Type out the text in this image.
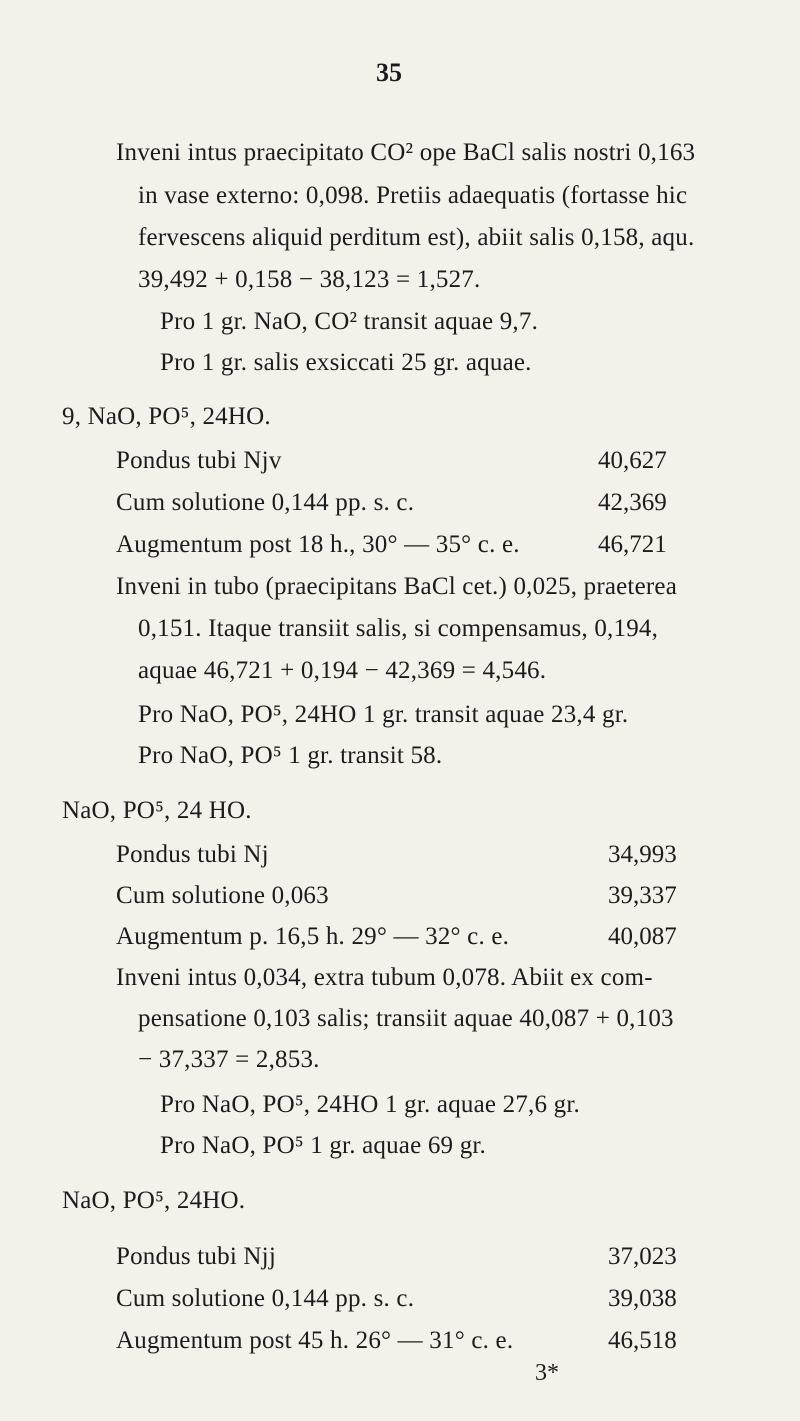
35
Inveni intus praecipitato CO² ope BaCl salis nostri 0,163
in vase externo: 0,098. Pretiis adaequatis (fortasse hic
fervescens aliquid perditum est), abiit salis 0,158, aqu.
39,492 + 0,158 − 38,123 = 1,527.
Pro 1 gr. NaO, CO² transit aquae 9,7.
Pro 1 gr. salis exsiccati 25 gr. aquae.
9, NaO, PO⁵, 24HO.
Pondus tubi Njv	40,627
Cum solutione 0,144 pp. s. c.	42,369
Augmentum post 18 h., 30° — 35° c. e.	46,721
Inveni in tubo (praecipitans BaCl cet.) 0,025, praeterea
0,151. Itaque transiit salis, si compensamus, 0,194,
aquae 46,721 + 0,194 − 42,369 = 4,546.
Pro NaO, PO⁵, 24HO 1 gr. transit aquae 23,4 gr.
Pro NaO, PO⁵ 1 gr. transit 58.
NaO, PO⁵, 24 HO.
Pondus tubi Nj	34,993
Cum solutione 0,063	39,337
Augmentum p. 16,5 h. 29° — 32° c. e.	40,087
Inveni intus 0,034, extra tubum 0,078. Abiit ex com-
pensatione 0,103 salis; transiit aquae 40,087 + 0,103
− 37,337 = 2,853.
Pro NaO, PO⁵, 24HO 1 gr. aquae 27,6 gr.
Pro NaO, PO⁵ 1 gr. aquae 69 gr.
NaO, PO⁵, 24HO.
Pondus tubi Njj	37,023
Cum solutione 0,144 pp. s. c.	39,038
Augmentum post 45 h. 26° — 31° c. e.	46,518
3*
